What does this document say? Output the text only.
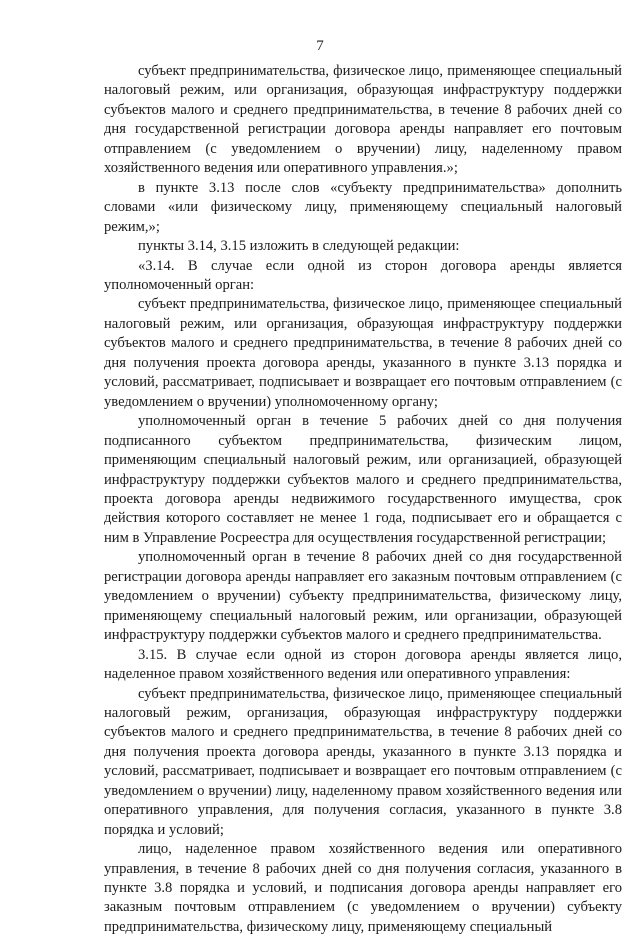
7

субъект предпринимательства, физическое лицо, применяющее специальный налоговый режим, или организация, образующая инфраструктуру поддержки субъектов малого и среднего предпринимательства, в течение 8 рабочих дней со дня государственной регистрации договора аренды направляет его почтовым отправлением (с уведомлением о вручении) лицу, наделенному правом хозяйственного ведения или оперативного управления.»;

в пункте 3.13 после слов «субъекту предпринимательства» дополнить словами «или физическому лицу, применяющему специальный налоговый режим,»;

пункты 3.14, 3.15 изложить в следующей редакции:

«3.14. В случае если одной из сторон договора аренды является уполномоченный орган:

субъект предпринимательства, физическое лицо, применяющее специальный налоговый режим, или организация, образующая инфраструктуру поддержки субъектов малого и среднего предпринимательства, в течение 8 рабочих дней со дня получения проекта договора аренды, указанного в пункте 3.13 порядка и условий, рассматривает, подписывает и возвращает его почтовым отправлением (с уведомлением о вручении) уполномоченному органу;

уполномоченный орган в течение 5 рабочих дней со дня получения подписанного субъектом предпринимательства, физическим лицом, применяющим специальный налоговый режим, или организацией, образующей инфраструктуру поддержки субъектов малого и среднего предпринимательства, проекта договора аренды недвижимого государственного имущества, срок действия которого составляет не менее 1 года, подписывает его и обращается с ним в Управление Росреестра для осуществления государственной регистрации;

уполномоченный орган в течение 8 рабочих дней со дня государственной регистрации договора аренды направляет его заказным почтовым отправлением (с уведомлением о вручении) субъекту предпринимательства, физическому лицу, применяющему специальный налоговый режим, или организации, образующей инфраструктуру поддержки субъектов малого и среднего предпринимательства.

3.15. В случае если одной из сторон договора аренды является лицо, наделенное правом хозяйственного ведения или оперативного управления:

субъект предпринимательства, физическое лицо, применяющее специальный налоговый режим, организация, образующая инфраструктуру поддержки субъектов малого и среднего предпринимательства, в течение 8 рабочих дней со дня получения проекта договора аренды, указанного в пункте 3.13 порядка и условий, рассматривает, подписывает и возвращает его почтовым отправлением (с уведомлением о вручении) лицу, наделенному правом хозяйственного ведения или оперативного управления, для получения согласия, указанного в пункте 3.8 порядка и условий;

лицо, наделенное правом хозяйственного ведения или оперативного управления, в течение 8 рабочих дней со дня получения согласия, указанного в пункте 3.8 порядка и условий, и подписания договора аренды направляет его заказным почтовым отправлением (с уведомлением о вручении) субъекту предпринимательства, физическому лицу, применяющему специальный
